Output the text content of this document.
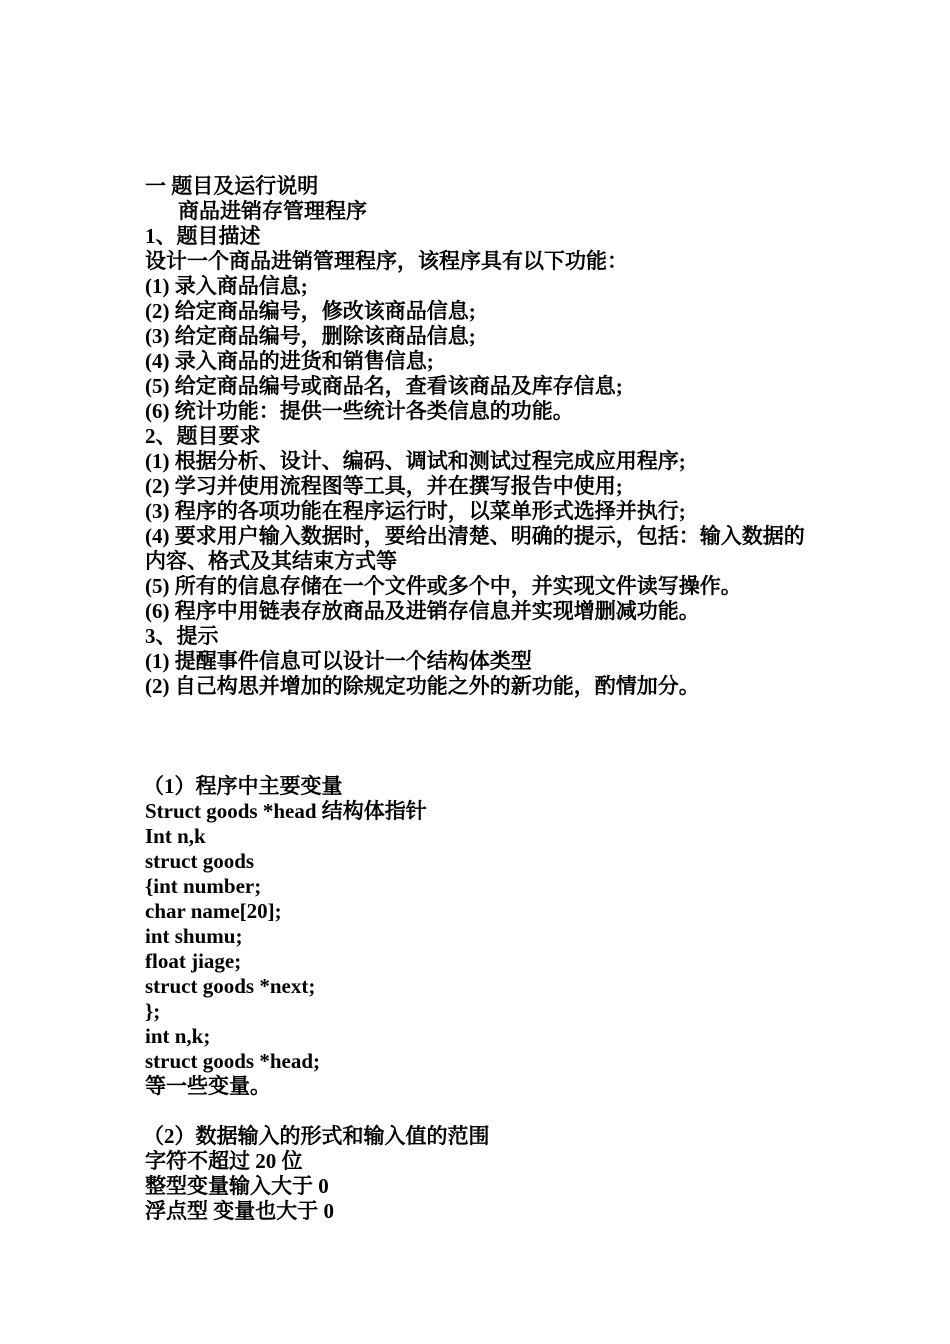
一 题目及运行说明
商品进销存管理程序
1、题目描述
设计一个商品进销管理程序，该程序具有以下功能：
(1) 录入商品信息;
(2) 给定商品编号，修改该商品信息;
(3) 给定商品编号，删除该商品信息;
(4) 录入商品的进货和销售信息;
(5) 给定商品编号或商品名，查看该商品及库存信息;
(6) 统计功能：提供一些统计各类信息的功能。
2、题目要求
(1) 根据分析、设计、编码、调试和测试过程完成应用程序;
(2) 学习并使用流程图等工具，并在撰写报告中使用;
(3) 程序的各项功能在程序运行时，以菜单形式选择并执行;
(4) 要求用户输入数据时，要给出清楚、明确的提示，包括：输入数据的内容、格式及其结束方式等
(5) 所有的信息存储在一个文件或多个中，并实现文件读写操作。
(6) 程序中用链表存放商品及进销存信息并实现增删减功能。
3、提示
(1) 提醒事件信息可以设计一个结构体类型
(2) 自己构思并增加的除规定功能之外的新功能，酌情加分。
（1）程序中主要变量
Struct goods *head 结构体指针
Int n,k
struct goods
{int number;
char name[20];
int shumu;
float jiage;
struct goods *next;
};
int n,k;
struct goods *head;
等一些变量。
（2）数据输入的形式和输入值的范围
字符不超过 20 位
整型变量输入大于 0
浮点型 变量也大于 0
